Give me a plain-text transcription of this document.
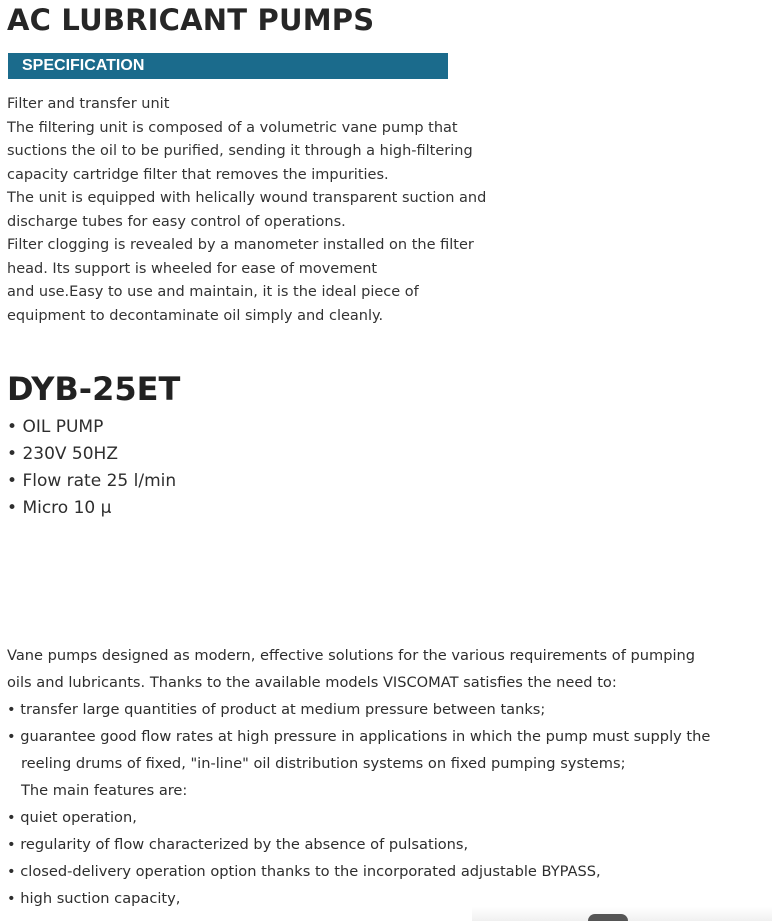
AC LUBRICANT PUMPS
SPECIFICATION
Filter and transfer unit
The filtering unit is composed of a volumetric vane pump that
suctions the oil to be purified, sending it through a high-filtering
capacity cartridge filter that removes the impurities.
The unit is equipped with helically wound transparent suction and
discharge tubes for easy control of operations.
Filter clogging is revealed by a manometer installed on the filter
head. Its support is wheeled for ease of movement
and use.Easy to use and maintain, it is the ideal piece of
equipment to decontaminate oil simply and cleanly.
DYB-25ET
• OIL PUMP
• 230V 50HZ
• Flow rate 25 l/min
• Micro 10 μ
Vane pumps designed as modern, effective solutions for the various requirements of pumping
oils and lubricants. Thanks to the available models VISCOMAT satisfies the need to:
• transfer large quantities of product at medium pressure between tanks;
• guarantee good flow rates at high pressure in applications in which the pump must supply the
reeling drums of fixed, "in-line" oil distribution systems on fixed pumping systems;
The main features are:
• quiet operation,
• regularity of flow characterized by the absence of pulsations,
• closed-delivery operation option thanks to the incorporated adjustable BYPASS,
• high suction capacity,
